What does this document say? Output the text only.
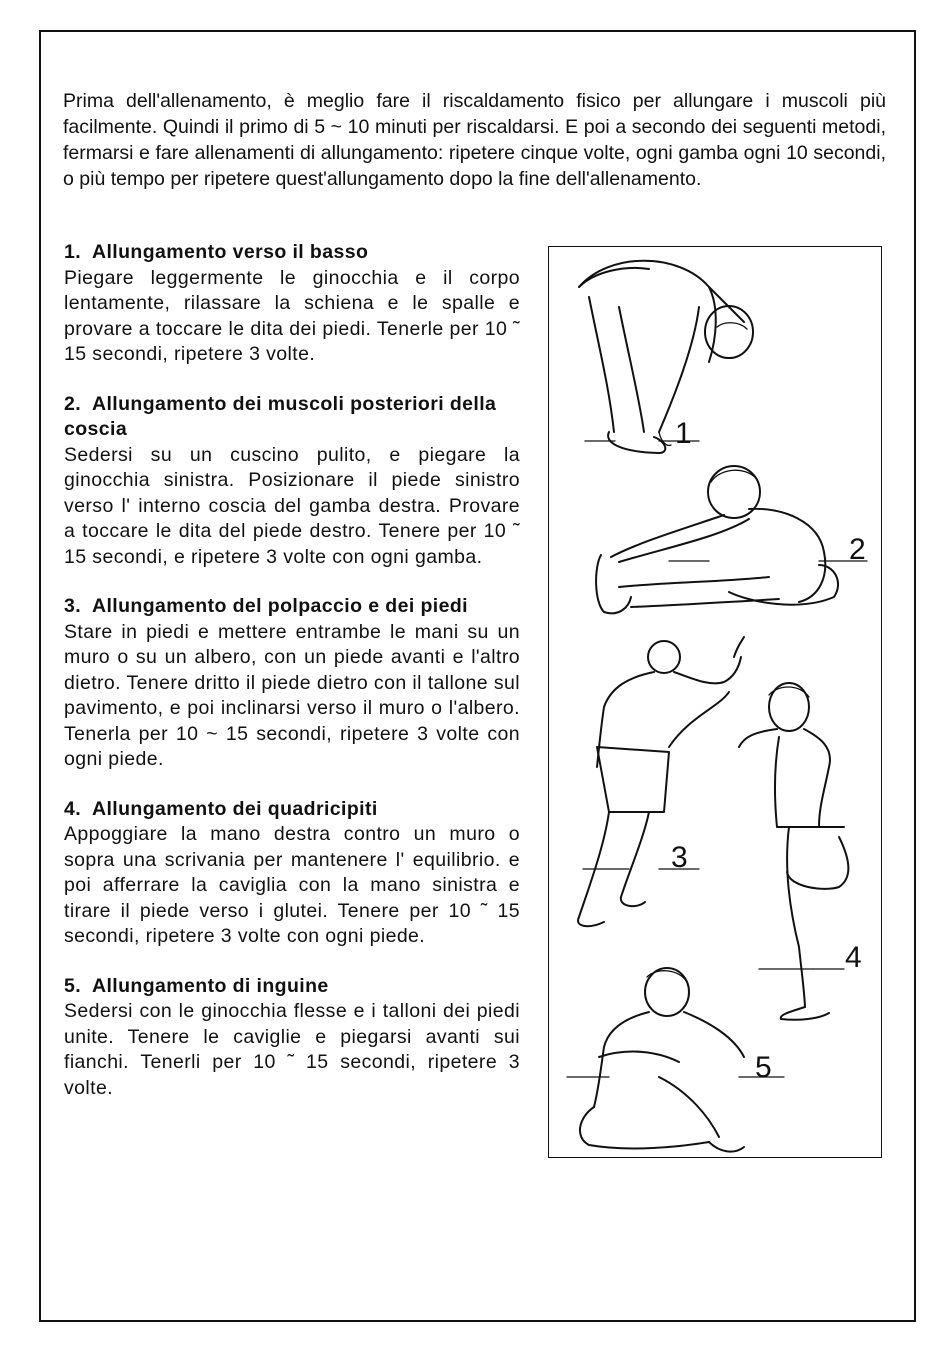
Prima dell'allenamento, è meglio fare il riscaldamento fisico per allungare i muscoli più facilmente. Quindi il primo di 5 ~ 10 minuti per riscaldarsi. E poi a secondo dei seguenti metodi, fermarsi e fare allenamenti di allungamento: ripetere cinque volte, ogni gamba ogni 10 secondi, o più tempo per ripetere quest'allungamento dopo la fine dell'allenamento.

1.  Allungamento verso il basso
Piegare leggermente le ginocchia e il corpo lentamente, rilassare la schiena e le spalle e provare a toccare le dita dei piedi. Tenerle per 10 ˜ 15 secondi, ripetere 3 volte.
2.  Allungamento dei muscoli posteriori della coscia
Sedersi su un cuscino pulito, e piegare la ginocchia sinistra. Posizionare il piede sinistro verso l' interno coscia del gamba destra. Provare a toccare le dita del piede destro. Tenere per 10 ˜ 15 secondi, e ripetere 3 volte con ogni gamba.
3.  Allungamento del polpaccio e dei piedi
Stare in piedi e mettere entrambe le mani su un muro o su un albero, con un piede avanti e l'altro dietro. Tenere dritto il piede dietro con il tallone sul pavimento, e poi inclinarsi verso il muro o l'albero. Tenerla per 10 ~ 15 secondi, ripetere 3 volte con ogni piede.
4.  Allungamento dei quadricipiti
Appoggiare la mano destra contro un muro o sopra una scrivania per mantenere l' equilibrio. e poi afferrare la caviglia con la mano sinistra e tirare il piede verso i glutei. Tenere per 10 ˜ 15 secondi, ripetere 3 volte con ogni piede.
5.  Allungamento di inguine
Sedersi con le ginocchia flesse e i talloni dei piedi unite. Tenere le caviglie e piegarsi avanti sui fianchi. Tenerli per 10 ˜ 15 secondi, ripetere 3 volte.
1
2
3
4
5
